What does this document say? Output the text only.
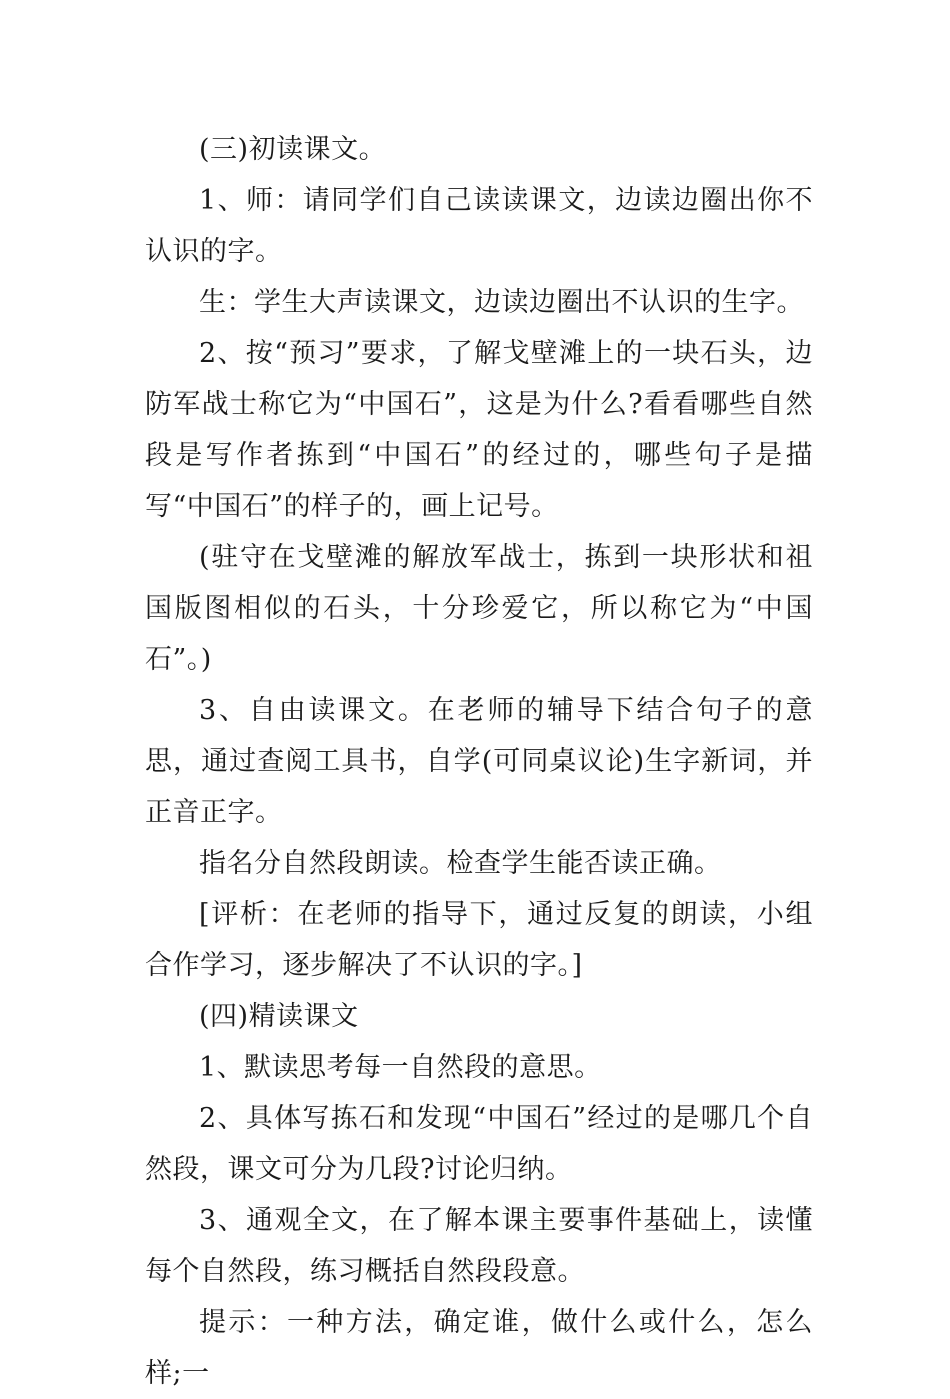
(三)初读课文。

1、师：请同学们自己读读课文，边读边圈出你不认识的字。

生：学生大声读课文，边读边圈出不认识的生字。

2、按“预习”要求，了解戈壁滩上的一块石头，边防军战士称它为“中国石”，这是为什么?看看哪些自然段是写作者拣到“中国石”的经过的，哪些句子是描写“中国石”的样子的，画上记号。

(驻守在戈壁滩的解放军战士，拣到一块形状和祖国版图相似的石头，十分珍爱它，所以称它为“中国石”。)

3、自由读课文。在老师的辅导下结合句子的意思，通过查阅工具书，自学(可同桌议论)生字新词，并正音正字。

指名分自然段朗读。检查学生能否读正确。

[评析：在老师的指导下，通过反复的朗读，小组合作学习，逐步解决了不认识的字。]

(四)精读课文

1、默读思考每一自然段的意思。

2、具体写拣石和发现“中国石”经过的是哪几个自然段，课文可分为几段?讨论归纳。

3、通观全文，在了解本课主要事件基础上，读懂每个自然段，练习概括自然段段意。

提示：一种方法，确定谁，做什么或什么，怎么样;一
